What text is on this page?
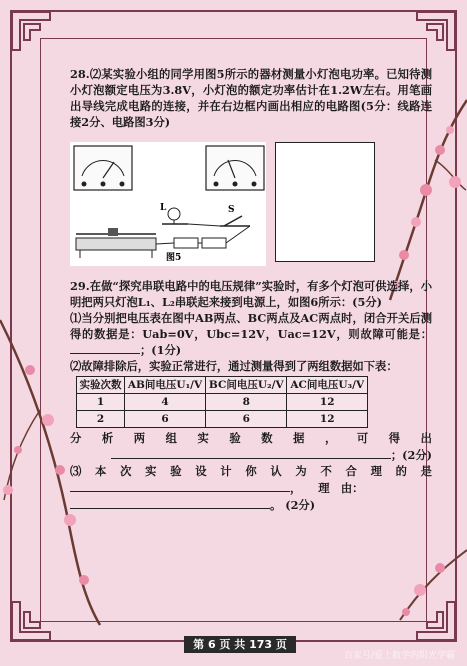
28.⑵某实验小组的同学用图5所示的器材测量小灯泡电功率。已知待测小灯泡额定电压为3.8V，小灯泡的额定功率估计在1.2W左右。用笔画出导线完成电路的连接，并在右边框内画出相应的电路图(5分：线路连接2分、电路图3分)

L	S
图5

29.在做“探究串联电路中的电压规律”实验时，有多个灯泡可供选择，小明把两只灯泡L₁、L₂串联起来接到电源上，如图6所示：(5分)

⑴当分别把电压表在图中AB两点、BC两点及AC两点时，闭合开关后测得的数据是：Uab=0V，Ubc=12V，Uac=12V，则故障可能是： ；(1分)

⑵故障排除后，实验正常进行，通过测量得到了两组数据如下表：

实验次数	AB间电压U₁/V	BC间电压U₂/V	AC间电压U₃/V
1	4	8	12
2	6	6	12
分 析 两 组 实 验 数 据 ， 可 得 出
；(2分)
⑶ 本 次 实 验 设 计 你 认 为 不 合 理 的 是
，　　理　由：
。 (2分)
第 6 页 共 173 页
百家号/爱上数学的阳光学霸
